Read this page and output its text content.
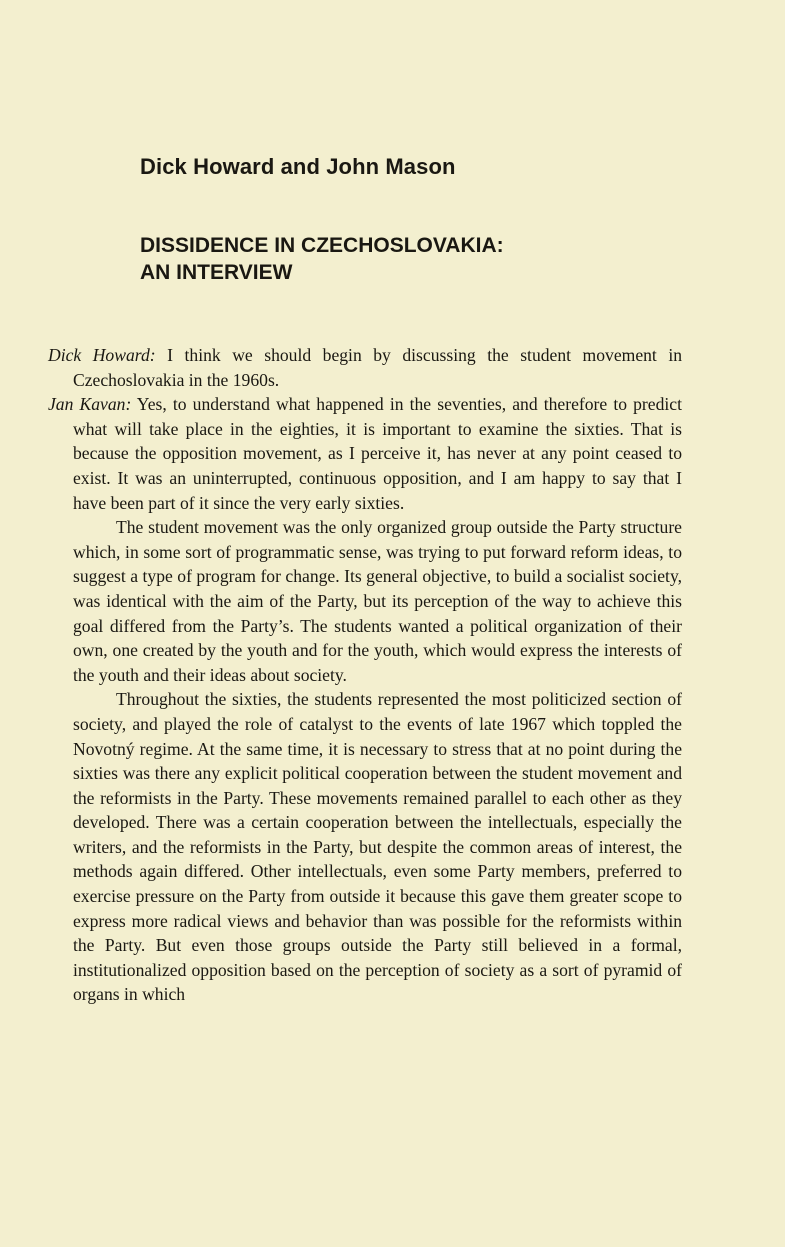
Dick Howard and John Mason
DISSIDENCE IN CZECHOSLOVAKIA:
AN INTERVIEW

Dick Howard: I think we should begin by discussing the student movement in Czechoslovakia in the 1960s.

Jan Kavan: Yes, to understand what happened in the seventies, and therefore to predict what will take place in the eighties, it is important to examine the sixties. That is because the opposition movement, as I perceive it, has never at any point ceased to exist. It was an uninterrupted, continuous opposition, and I am happy to say that I have been part of it since the very early sixties.

The student movement was the only organized group outside the Party structure which, in some sort of programmatic sense, was trying to put forward reform ideas, to suggest a type of program for change. Its general objective, to build a socialist society, was identical with the aim of the Party, but its perception of the way to achieve this goal differed from the Party’s. The students wanted a political organization of their own, one created by the youth and for the youth, which would express the interests of the youth and their ideas about society.

Throughout the sixties, the students represented the most politicized section of society, and played the role of catalyst to the events of late 1967 which toppled the Novotný regime. At the same time, it is necessary to stress that at no point during the sixties was there any explicit political cooperation between the student movement and the reformists in the Party. These movements remained parallel to each other as they developed. There was a certain cooperation between the intellectuals, especially the writers, and the reformists in the Party, but despite the common areas of interest, the methods again differed. Other intellectuals, even some Party members, preferred to exercise pressure on the Party from outside it because this gave them greater scope to express more radical views and behavior than was possible for the reformists within the Party. But even those groups outside the Party still believed in a formal, institutionalized opposition based on the perception of society as a sort of pyramid of organs in which
